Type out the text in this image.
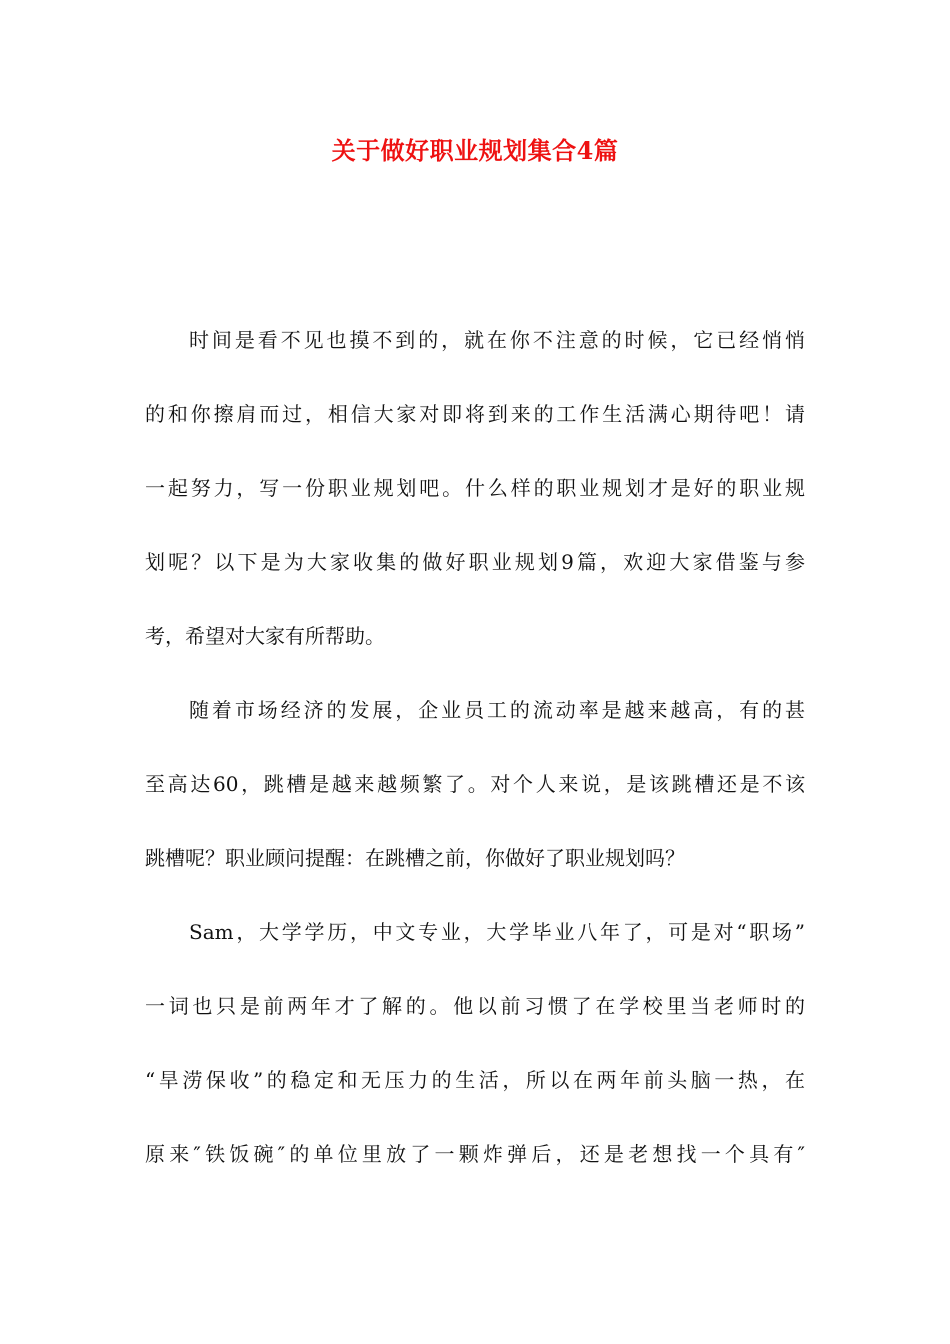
关于做好职业规划集合4篇
时间是看不见也摸不到的，就在你不注意的时候，它已经悄悄
的和你擦肩而过，相信大家对即将到来的工作生活满心期待吧！请
一起努力，写一份职业规划吧。什么样的职业规划才是好的职业规
划呢？以下是为大家收集的做好职业规划9篇，欢迎大家借鉴与参
考，希望对大家有所帮助。
随着市场经济的发展，企业员工的流动率是越来越高，有的甚
至高达60，跳槽是越来越频繁了。对个人来说，是该跳槽还是不该
跳槽呢？职业顾问提醒：在跳槽之前，你做好了职业规划吗？
Sam，大学学历，中文专业，大学毕业八年了，可是对“职场”
一词也只是前两年才了解的。他以前习惯了在学校里当老师时的
“旱涝保收”的稳定和无压力的生活，所以在两年前头脑一热，在
原来″铁饭碗″的单位里放了一颗炸弹后，还是老想找一个具有″
